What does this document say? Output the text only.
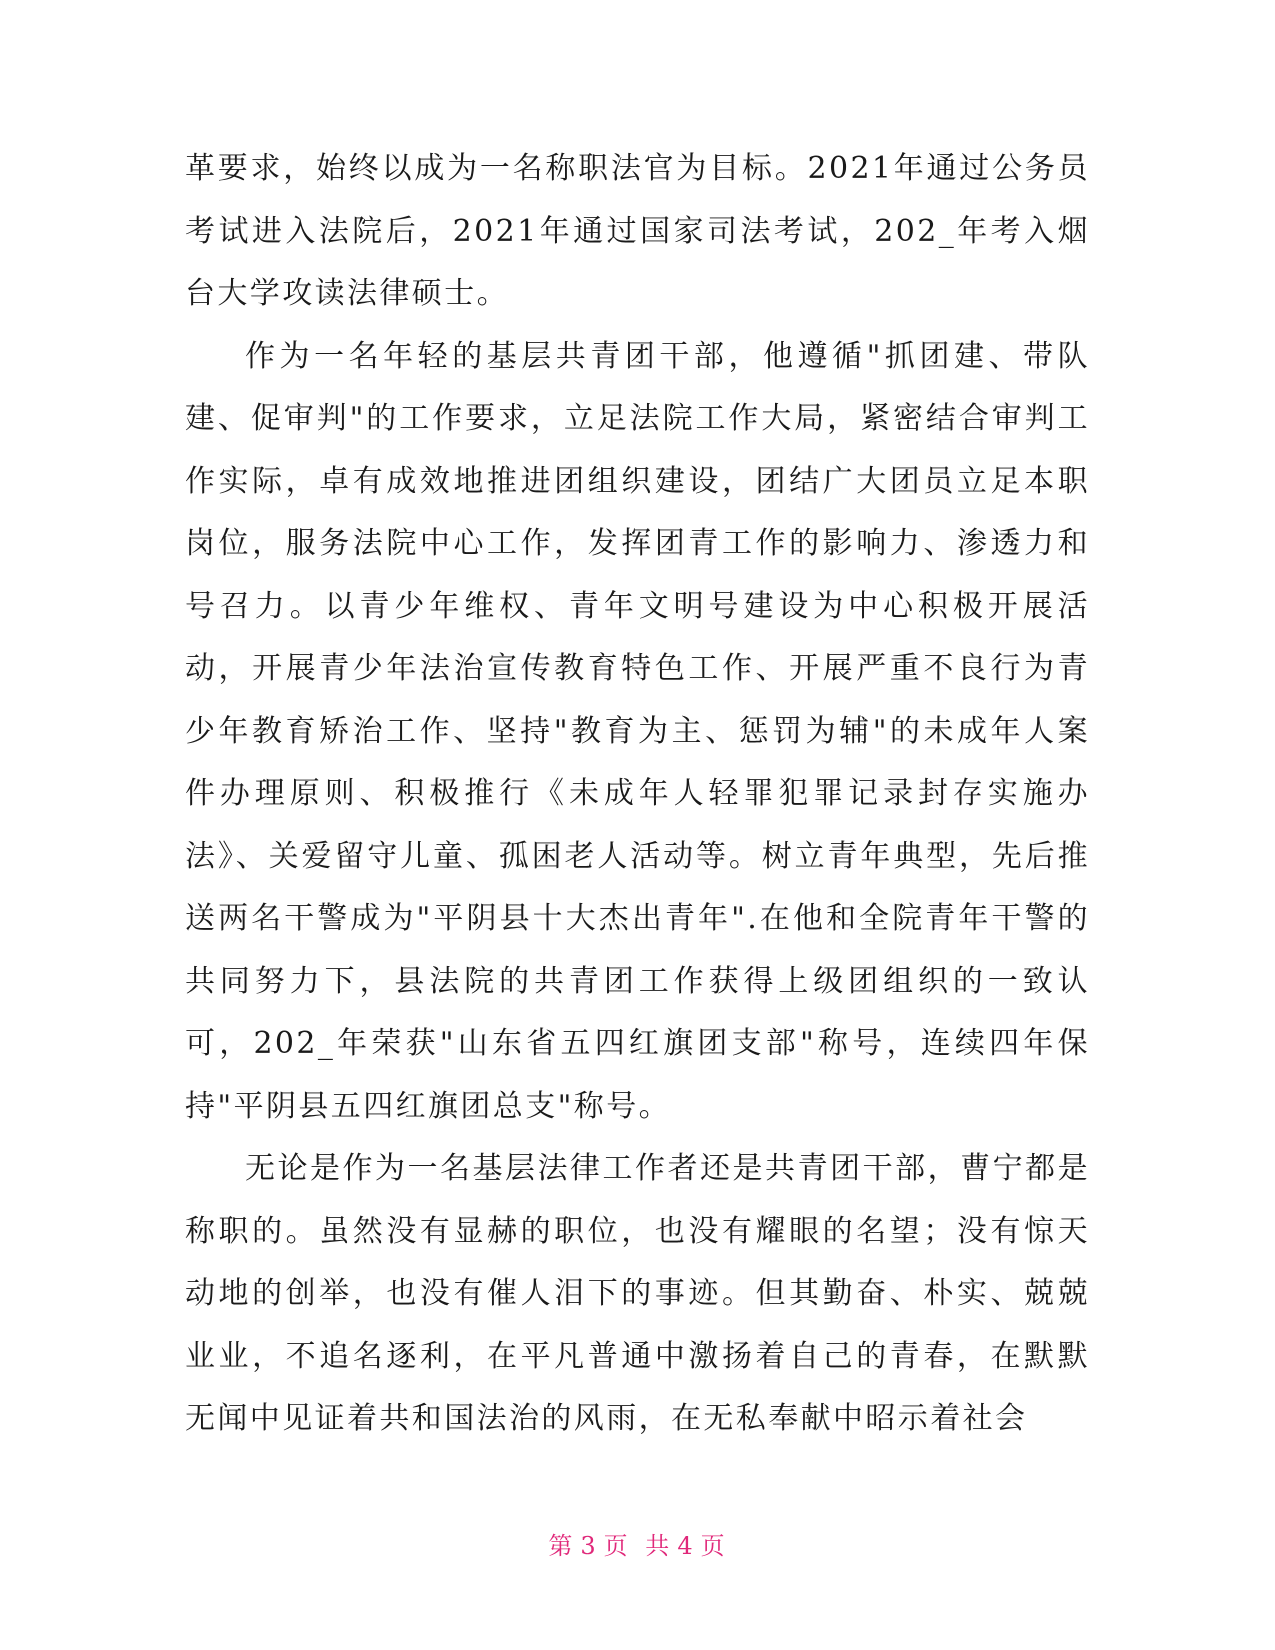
革要求，始终以成为一名称职法官为目标。2021年通过公务员考试进入法院后，2021年通过国家司法考试，202_年考入烟台大学攻读法律硕士。

作为一名年轻的基层共青团干部，他遵循"抓团建、带队建、促审判"的工作要求，立足法院工作大局，紧密结合审判工作实际，卓有成效地推进团组织建设，团结广大团员立足本职岗位，服务法院中心工作，发挥团青工作的影响力、渗透力和号召力。以青少年维权、青年文明号建设为中心积极开展活动，开展青少年法治宣传教育特色工作、开展严重不良行为青少年教育矫治工作、坚持"教育为主、惩罚为辅"的未成年人案件办理原则、积极推行《未成年人轻罪犯罪记录封存实施办法》、关爱留守儿童、孤困老人活动等。树立青年典型，先后推送两名干警成为"平阴县十大杰出青年".在他和全院青年干警的共同努力下，县法院的共青团工作获得上级团组织的一致认可，202_年荣获"山东省五四红旗团支部"称号，连续四年保持"平阴县五四红旗团总支"称号。

无论是作为一名基层法律工作者还是共青团干部，曹宁都是称职的。虽然没有显赫的职位，也没有耀眼的名望；没有惊天动地的创举，也没有催人泪下的事迹。但其勤奋、朴实、兢兢业业，不追名逐利，在平凡普通中激扬着自己的青春，在默默无闻中见证着共和国法治的风雨，在无私奉献中昭示着社会

第 3 页 共 4 页
